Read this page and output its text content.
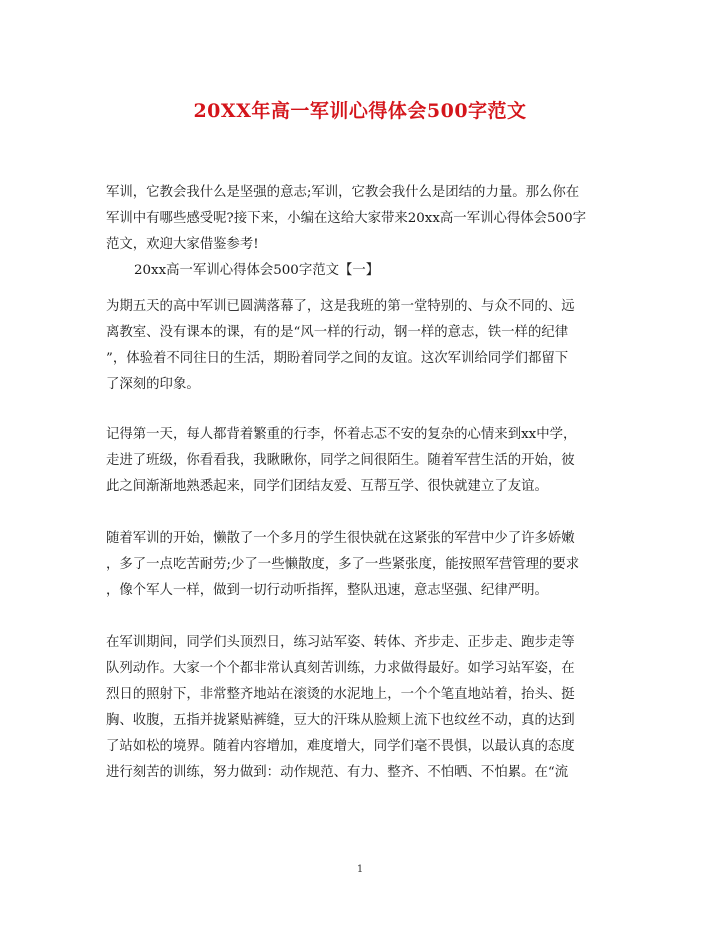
20XX年高一军训心得体会500字范文
军训，它教会我什么是坚强的意志;军训，它教会我什么是团结的力量。那么你在
军训中有哪些感受呢?接下来，小编在这给大家带来20xx高一军训心得体会500字
范文，欢迎大家借鉴参考!
20xx高一军训心得体会500字范文【一】
为期五天的高中军训已圆满落幕了，这是我班的第一堂特别的、与众不同的、远
离教室、没有课本的课，有的是“风一样的行动，钢一样的意志，铁一样的纪律
”，体验着不同往日的生活，期盼着同学之间的友谊。这次军训给同学们都留下
了深刻的印象。
记得第一天，每人都背着繁重的行李，怀着忐忑不安的复杂的心情来到xx中学，
走进了班级，你看看我，我瞅瞅你，同学之间很陌生。随着军营生活的开始，彼
此之间渐渐地熟悉起来，同学们团结友爱、互帮互学、很快就建立了友谊。
随着军训的开始，懒散了一个多月的学生很快就在这紧张的军营中少了许多娇嫩
，多了一点吃苦耐劳;少了一些懒散度，多了一些紧张度，能按照军营管理的要求
，像个军人一样，做到一切行动听指挥，整队迅速，意志坚强、纪律严明。
在军训期间，同学们头顶烈日，练习站军姿、转体、齐步走、正步走、跑步走等
队列动作。大家一个个都非常认真刻苦训练，力求做得最好。如学习站军姿，在
烈日的照射下，非常整齐地站在滚烫的水泥地上，一个个笔直地站着，抬头、挺
胸、收腹，五指并拢紧贴裤缝，豆大的汗珠从脸颊上流下也纹丝不动，真的达到
了站如松的境界。随着内容增加，难度增大，同学们毫不畏惧，以最认真的态度
进行刻苦的训练，努力做到：动作规范、有力、整齐、不怕晒、不怕累。在“流
1
